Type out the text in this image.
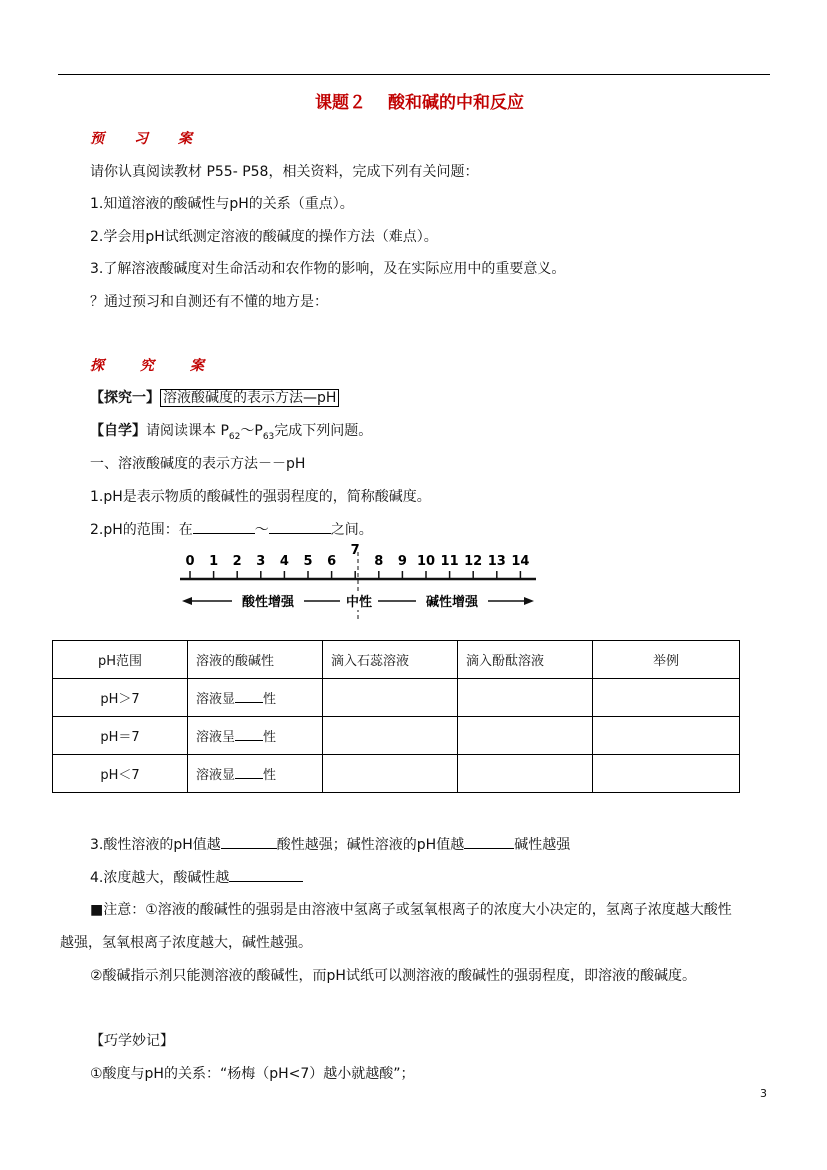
课题２ 酸和碱的中和反应
预习案
请你认真阅读教材 P55- P58，相关资料，完成下列有关问题：
1.知道溶液的酸碱性与pH的关系（重点）。
2.学会用pH试纸测定溶液的酸碱度的操作方法（难点）。
3.了解溶液酸碱度对生命活动和农作物的影响，及在实际应用中的重要意义。
？通过预习和自测还有不懂的地方是：
探究案
【探究一】 溶液酸碱度的表示方法—pH
【自学】请阅读课本 $P_{62}\sim P_{63}$完成下列问题。
一、溶液酸碱度的表示方法－－pH
1.pH是表示物质的酸碱性的强弱程度的，简称酸碱度。
2.pH的范围：在	～	之间。
0 1 2 3 4 5 6
7
8 9 10 11 12 13 14
酸性增强	中性	碱性增强
pH范围	溶液的酸碱性	滴入石蕊溶液	滴入酚酞溶液	举例
pH＞7	溶液显 性			
pH＝7	溶液呈 性			
pH＜7	溶液显 性			
3.酸性溶液的pH值越	酸性越强；碱性溶液的pH值越	碱性越强
4.浓度越大，酸碱性越
■注意：①溶液的酸碱性的强弱是由溶液中氢离子或氢氧根离子的浓度大小决定的，氢离子浓度越大酸性
越强，氢氧根离子浓度越大，碱性越强。
②酸碱指示剂只能测溶液的酸碱性，而pH试纸可以测溶液的酸碱性的强弱程度，即溶液的酸碱度。
【巧学妙记】
①酸度与pH的关系：“杨梅（pH<7）越小就越酸”；
3
